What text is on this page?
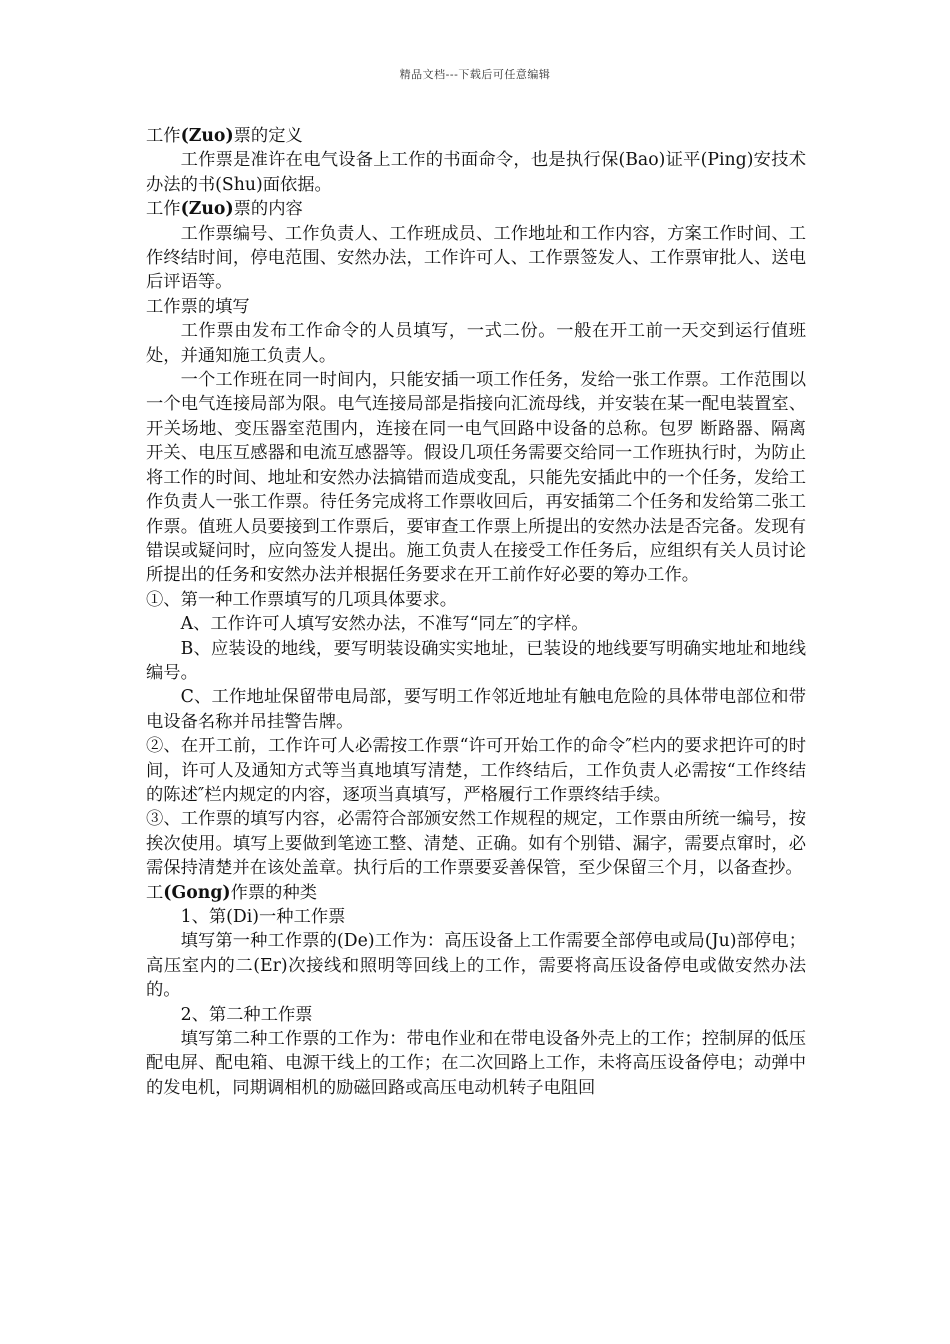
精品文档---下载后可任意编辑

工作(Zuo)票的定义

工作票是准许在电气设备上工作的书面命令，也是执行保(Bao)证平(Ping)安技术办法的书(Shu)面依据。

工作(Zuo)票的内容

工作票编号、工作负责人、工作班成员、工作地址和工作内容，方案工作时间、工作终结时间，停电范围、安然办法，工作许可人、工作票签发人、工作票审批人、送电后评语等。

工作票的填写

工作票由发布工作命令的人员填写，一式二份。一般在开工前一天交到运行值班处，并通知施工负责人。

一个工作班在同一时间内，只能安插一项工作任务，发给一张工作票。工作范围以一个电气连接局部为限。电气连接局部是指接向汇流母线，并安装在某一配电装置室、开关场地、变压器室范围内，连接在同一电气回路中设备的总称。包罗 断路器、隔离开关、电压互感器和电流互感器等。假设几项任务需要交给同一工作班执行时，为防止将工作的时间、地址和安然办法搞错而造成变乱，只能先安插此中的一个任务，发给工作负责人一张工作票。待任务完成将工作票收回后，再安插第二个任务和发给第二张工作票。值班人员要接到工作票后，要审查工作票上所提出的安然办法是否完备。发现有错误或疑问时，应向签发人提出。施工负责人在接受工作任务后，应组织有关人员讨论所提出的任务和安然办法并根据任务要求在开工前作好必要的筹办工作。

①、第一种工作票填写的几项具体要求。

A、工作许可人填写安然办法，不准写“同左″的字样。

B、应装设的地线，要写明装设确实实地址，已装设的地线要写明确实地址和地线编号。

C、工作地址保留带电局部，要写明工作邻近地址有触电危险的具体带电部位和带电设备名称并吊挂警告牌。

②、在开工前，工作许可人必需按工作票“许可开始工作的命令″栏内的要求把许可的时间，许可人及通知方式等当真地填写清楚，工作终结后，工作负责人必需按“工作终结的陈述″栏内规定的内容，逐项当真填写，严格履行工作票终结手续。

③、工作票的填写内容，必需符合部颁安然工作规程的规定，工作票由所统一编号，按挨次使用。填写上要做到笔迹工整、清楚、正确。如有个别错、漏字，需要点窜时，必需保持清楚并在该处盖章。执行后的工作票要妥善保管，至少保留三个月，以备查抄。

工(Gong)作票的种类

1、第(Di)一种工作票

填写第一种工作票的(De)工作为：高压设备上工作需要全部停电或局(Ju)部停电；高压室内的二(Er)次接线和照明等回线上的工作，需要将高压设备停电或做安然办法的。

2、第二种工作票

填写第二种工作票的工作为：带电作业和在带电设备外壳上的工作；控制屏的低压配电屏、配电箱、电源干线上的工作；在二次回路上工作，未将高压设备停电；动弹中的发电机，同期调相机的励磁回路或高压电动机转子电阻回
